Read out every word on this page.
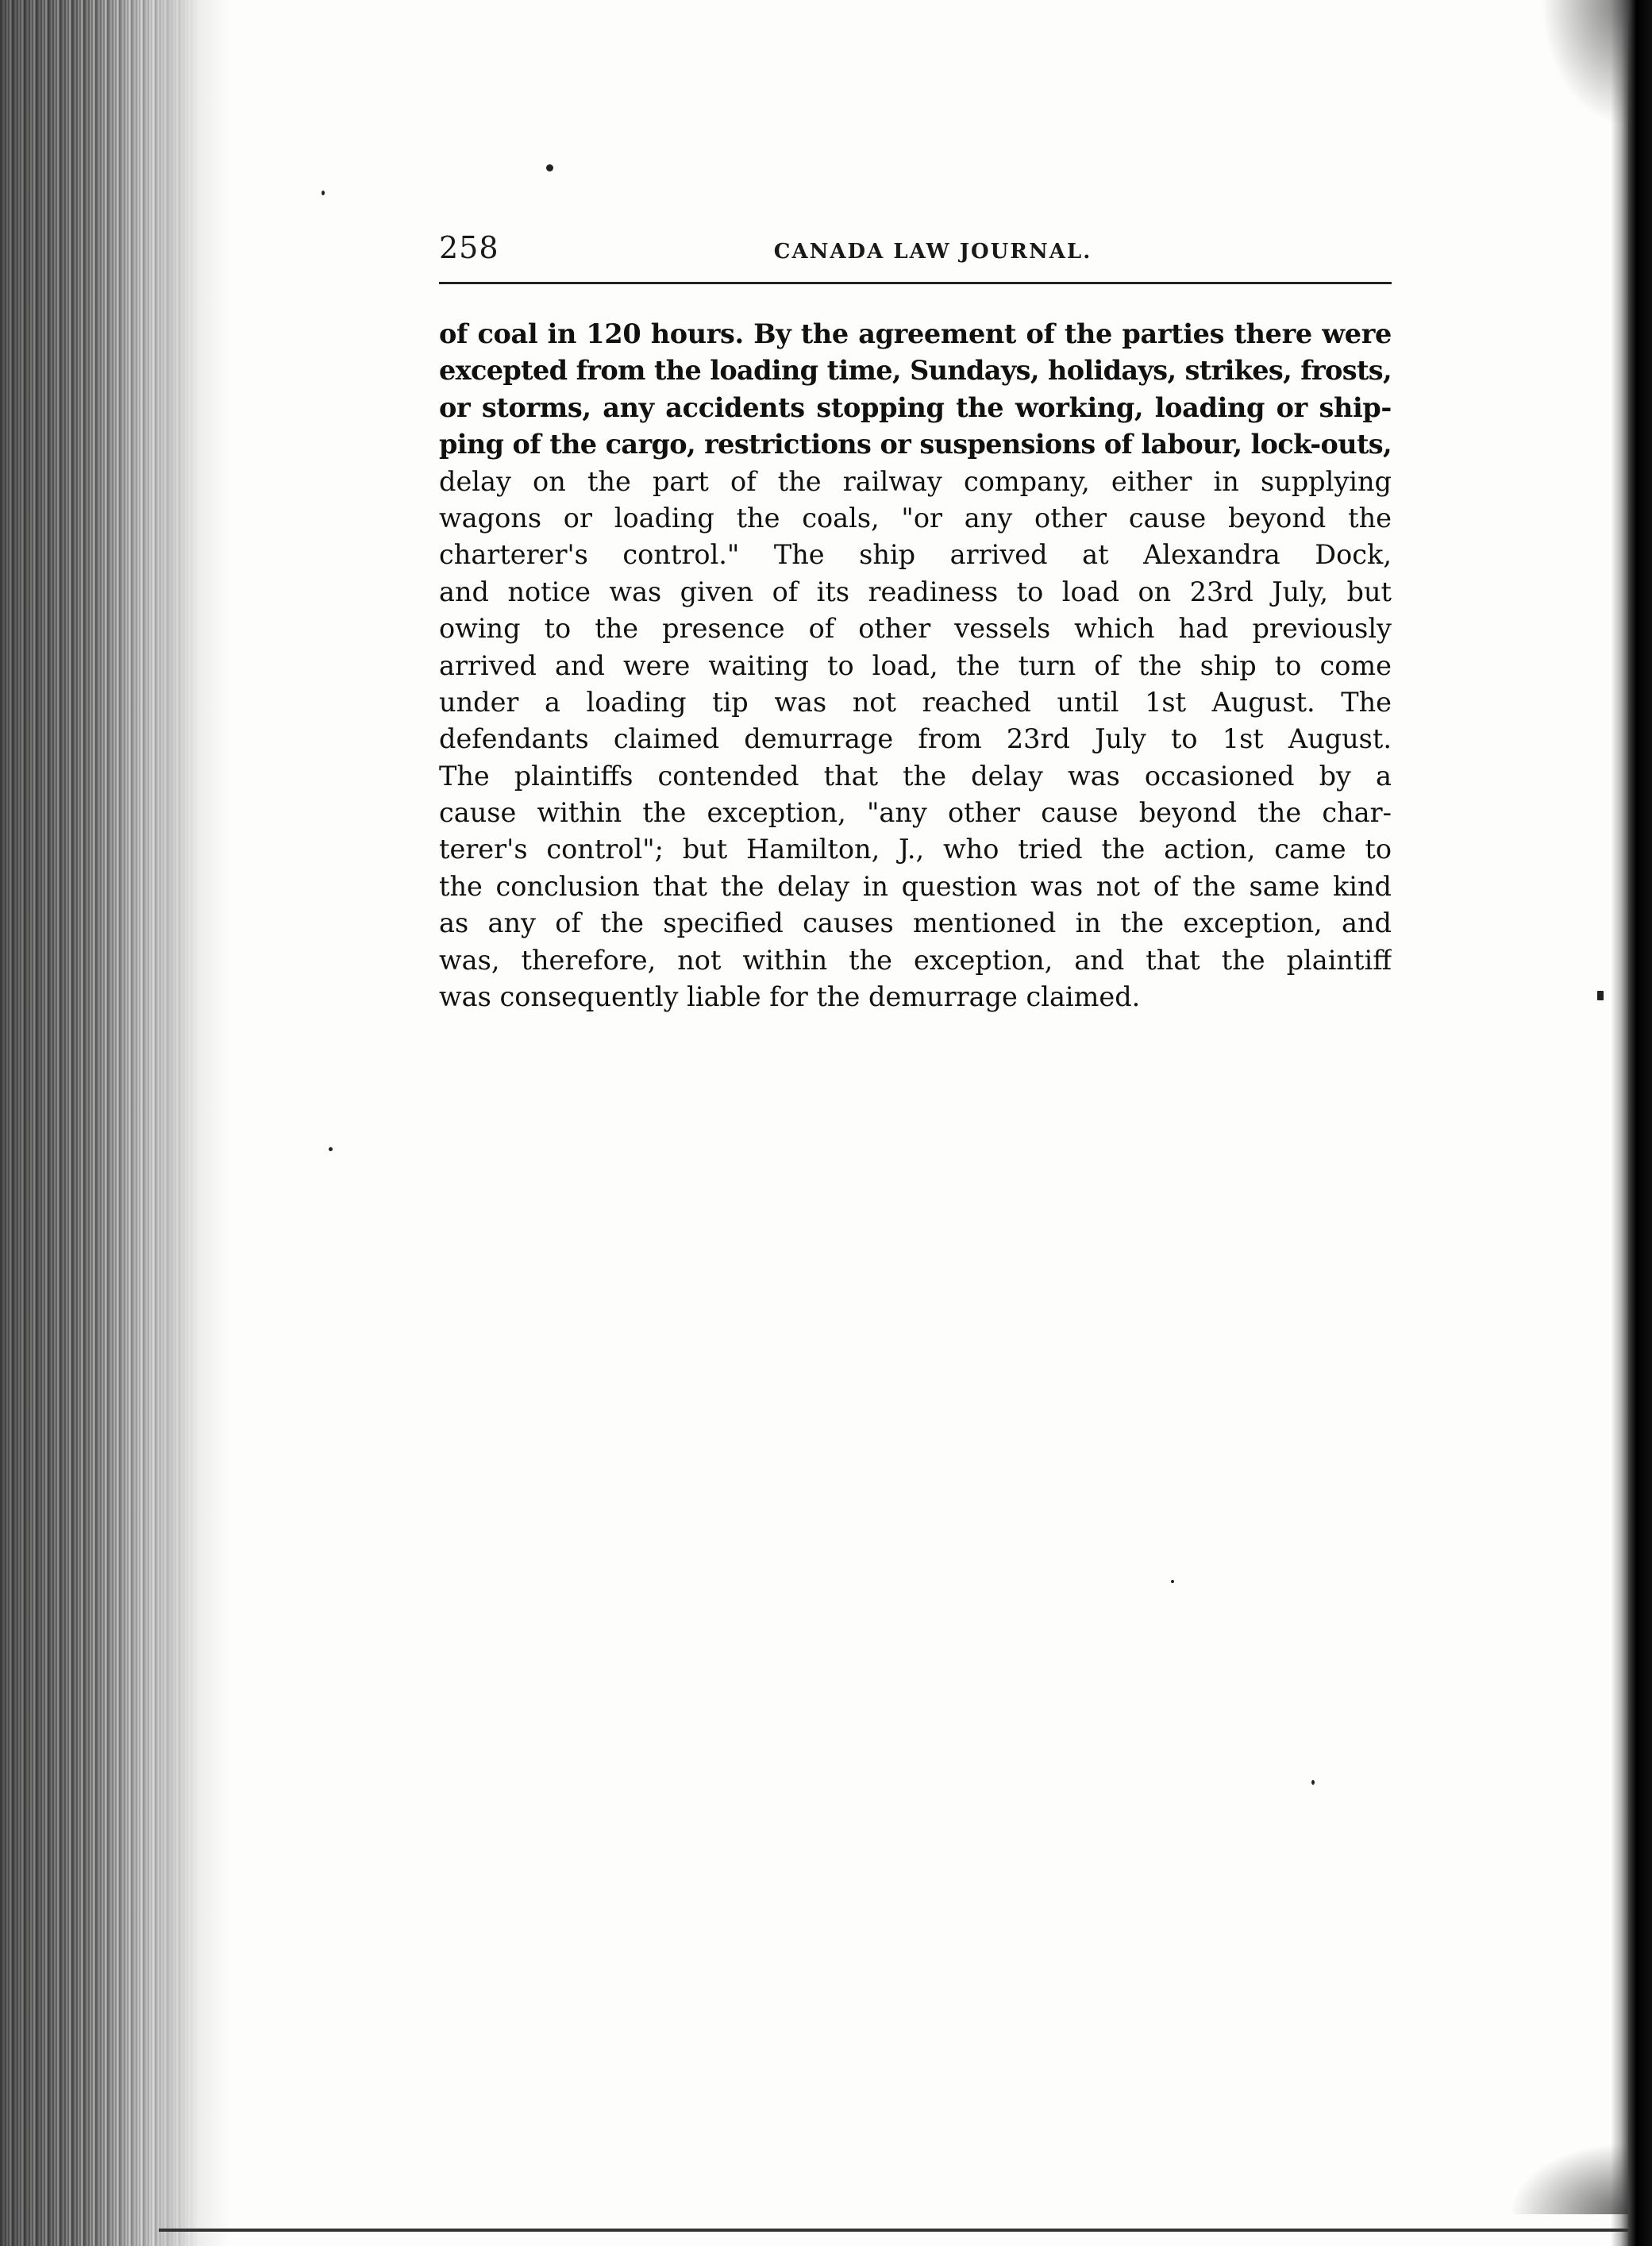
258	CANADA LAW JOURNAL.
of coal in 120 hours. By the agreement of the parties there were
excepted from the loading time, Sundays, holidays, strikes, frosts,
or storms, any accidents stopping the working, loading or ship-
ping of the cargo, restrictions or suspensions of labour, lock-outs,
delay on the part of the railway company, either in supplying
wagons or loading the coals, "or any other cause beyond the
charterer's control." The ship arrived at Alexandra Dock,
and notice was given of its readiness to load on 23rd July, but
owing to the presence of other vessels which had previously
arrived and were waiting to load, the turn of the ship to come
under a loading tip was not reached until 1st August. The
defendants claimed demurrage from 23rd July to 1st August.
The plaintiffs contended that the delay was occasioned by a
cause within the exception, "any other cause beyond the char-
terer's control"; but Hamilton, J., who tried the action, came to
the conclusion that the delay in question was not of the same kind
as any of the specified causes mentioned in the exception, and
was, therefore, not within the exception, and that the plaintiff
was consequently liable for the demurrage claimed.
